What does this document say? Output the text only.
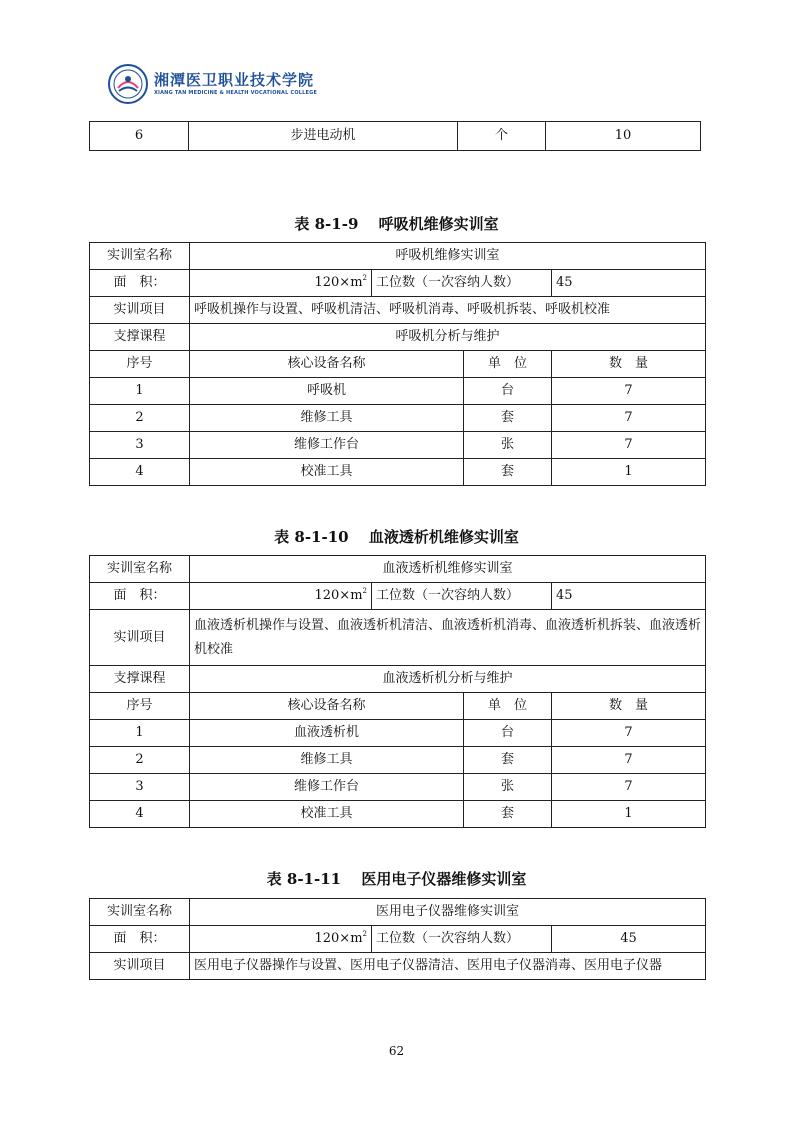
湘潭医卫职业技术学院
XIANG TAN MEDICINE & HEALTH VOCATIONAL COLLEGE
6	步进电动机	个	10
表 8-1-9　 呼吸机维修实训室
实训室名称	呼吸机维修实训室			
面　积：	$120\times m^2$	工位数（一次容纳人数）		45
实训项目	呼吸机操作与设置、呼吸机清洁、呼吸机消毒、呼吸机拆装、呼吸机校准			
支撑课程	呼吸机分析与维护			
序号	核心设备名称		单　位	数　量
1	呼吸机		台	7
2	维修工具		套	7
3	维修工作台		张	7
4	校准工具		套	1
表 8-1-10　 血液透析机维修实训室
实训室名称	血液透析机维修实训室			
面　积：	$120\times m^2$	工位数（一次容纳人数）		45
实训项目	血液透析机操作与设置、血液透析机清洁、血液透析机消毒、血液透析机拆装、血液透析机校准			
支撑课程	血液透析机分析与维护			
序号	核心设备名称		单　位	数　量
1	血液透析机		台	7
2	维修工具		套	7
3	维修工作台		张	7
4	校准工具		套	1
表 8-1-11　 医用电子仪器维修实训室
实训室名称	医用电子仪器维修实训室		
面　积：	$120\times m^2$	工位数（一次容纳人数）	45
实训项目	医用电子仪器操作与设置、医用电子仪器清洁、医用电子仪器消毒、医用电子仪器		
62
